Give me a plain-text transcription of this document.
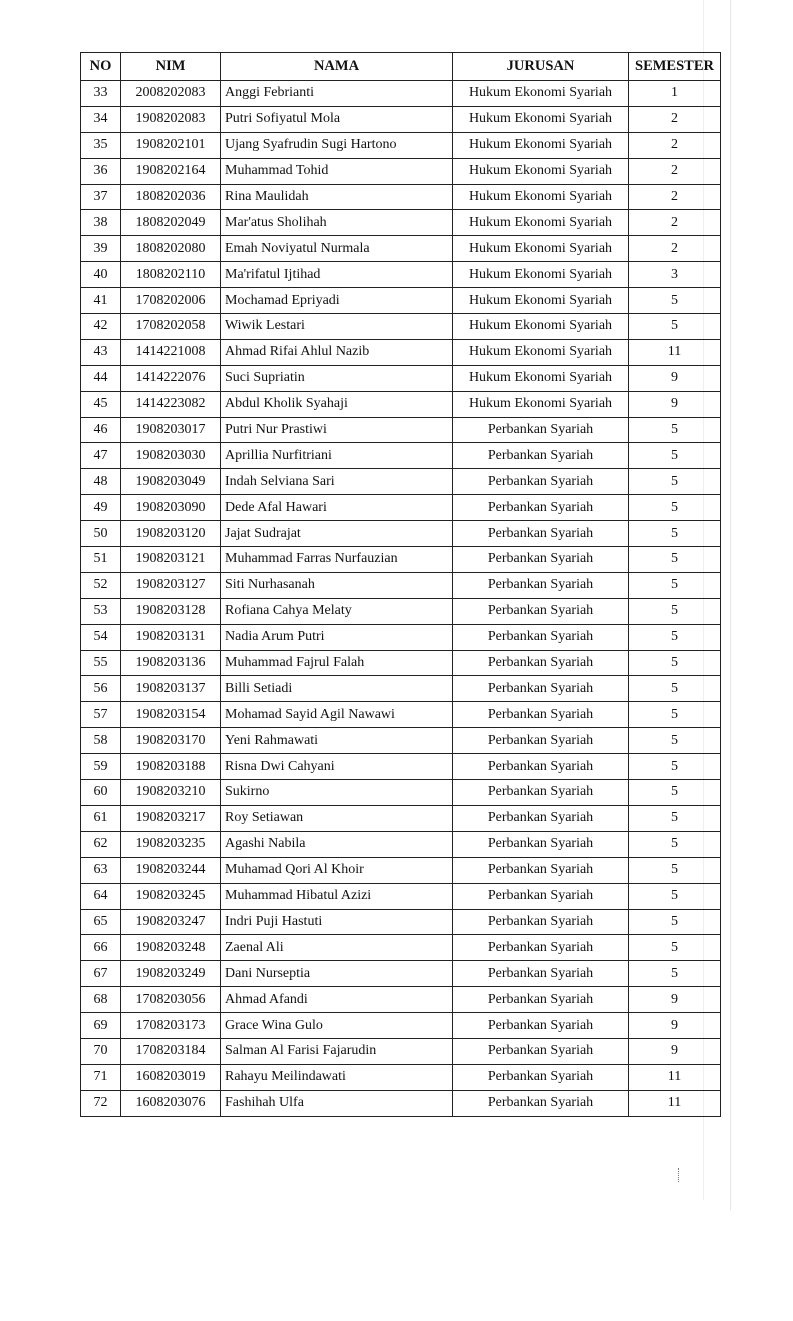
NO	NIM	NAMA	JURUSAN	SEMESTER
33	2008202083	Anggi Febrianti	Hukum Ekonomi Syariah	1
34	1908202083	Putri Sofiyatul Mola	Hukum Ekonomi Syariah	2
35	1908202101	Ujang Syafrudin Sugi Hartono	Hukum Ekonomi Syariah	2
36	1908202164	Muhammad Tohid	Hukum Ekonomi Syariah	2
37	1808202036	Rina Maulidah	Hukum Ekonomi Syariah	2
38	1808202049	Mar'atus Sholihah	Hukum Ekonomi Syariah	2
39	1808202080	Emah Noviyatul Nurmala	Hukum Ekonomi Syariah	2
40	1808202110	Ma'rifatul Ijtihad	Hukum Ekonomi Syariah	3
41	1708202006	Mochamad Epriyadi	Hukum Ekonomi Syariah	5
42	1708202058	Wiwik Lestari	Hukum Ekonomi Syariah	5
43	1414221008	Ahmad Rifai Ahlul Nazib	Hukum Ekonomi Syariah	11
44	1414222076	Suci Supriatin	Hukum Ekonomi Syariah	9
45	1414223082	Abdul Kholik Syahaji	Hukum Ekonomi Syariah	9
46	1908203017	Putri Nur Prastiwi	Perbankan Syariah	5
47	1908203030	Aprillia Nurfitriani	Perbankan Syariah	5
48	1908203049	Indah Selviana Sari	Perbankan Syariah	5
49	1908203090	Dede Afal Hawari	Perbankan Syariah	5
50	1908203120	Jajat Sudrajat	Perbankan Syariah	5
51	1908203121	Muhammad Farras Nurfauzian	Perbankan Syariah	5
52	1908203127	Siti Nurhasanah	Perbankan Syariah	5
53	1908203128	Rofiana Cahya Melaty	Perbankan Syariah	5
54	1908203131	Nadia Arum Putri	Perbankan Syariah	5
55	1908203136	Muhammad Fajrul Falah	Perbankan Syariah	5
56	1908203137	Billi Setiadi	Perbankan Syariah	5
57	1908203154	Mohamad Sayid Agil Nawawi	Perbankan Syariah	5
58	1908203170	Yeni Rahmawati	Perbankan Syariah	5
59	1908203188	Risna Dwi Cahyani	Perbankan Syariah	5
60	1908203210	Sukirno	Perbankan Syariah	5
61	1908203217	Roy Setiawan	Perbankan Syariah	5
62	1908203235	Agashi Nabila	Perbankan Syariah	5
63	1908203244	Muhamad Qori Al Khoir	Perbankan Syariah	5
64	1908203245	Muhammad Hibatul Azizi	Perbankan Syariah	5
65	1908203247	Indri Puji Hastuti	Perbankan Syariah	5
66	1908203248	Zaenal Ali	Perbankan Syariah	5
67	1908203249	Dani Nurseptia	Perbankan Syariah	5
68	1708203056	Ahmad Afandi	Perbankan Syariah	9
69	1708203173	Grace Wina Gulo	Perbankan Syariah	9
70	1708203184	Salman Al Farisi Fajarudin	Perbankan Syariah	9
71	1608203019	Rahayu Meilindawati	Perbankan Syariah	11
72	1608203076	Fashihah Ulfa	Perbankan Syariah	11
